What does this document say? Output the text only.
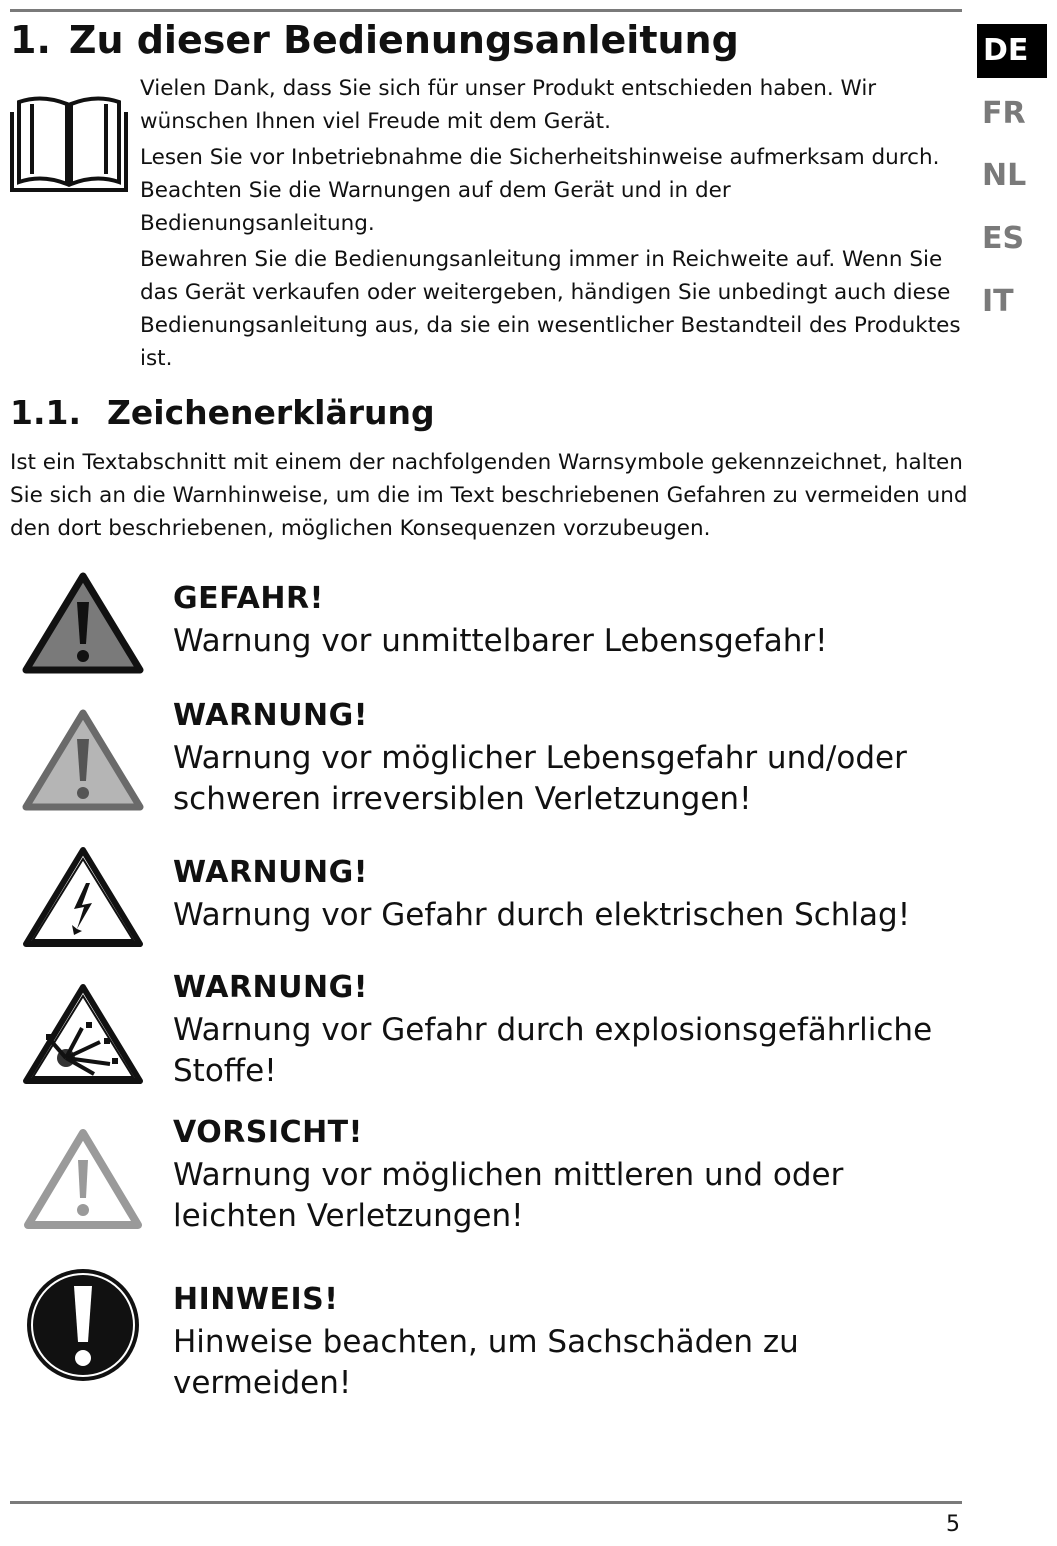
DE
FR
NL
ES
IT
1. Zu dieser Bedienungsanleitung

Vielen Dank, dass Sie sich für unser Produkt entschieden haben. Wir wünschen Ihnen viel Freude mit dem Gerät.

Lesen Sie vor Inbetriebnahme die Sicherheitshinweise aufmerksam durch. Beachten Sie die Warnungen auf dem Gerät und in der Bedienungsanleitung.

Bewahren Sie die Bedienungsanleitung immer in Reichweite auf. Wenn Sie das Gerät verkaufen oder weitergeben, händigen Sie unbedingt auch diese Bedienungsanleitung aus, da sie ein wesentlicher Bestandteil des Produktes ist.

1.1. Zeichenerklärung

Ist ein Textabschnitt mit einem der nachfolgenden Warnsymbole gekennzeichnet, halten Sie sich an die Warnhinweise, um die im Text beschriebenen Gefahren zu vermeiden und den dort beschriebenen, möglichen Konsequenzen vorzubeugen.

GEFAHR!
Warnung vor unmittelbarer Lebensgefahr!
WARNUNG!
Warnung vor möglicher Lebensgefahr und/oder schweren irreversiblen Verletzungen!
WARNUNG!
Warnung vor Gefahr durch elektrischen Schlag!
WARNUNG!
Warnung vor Gefahr durch explosionsgefährliche Stoffe!
VORSICHT!
Warnung vor möglichen mittleren und oder leichten Verletzungen!
HINWEIS!
Hinweise beachten, um Sachschäden zu vermeiden!
5
